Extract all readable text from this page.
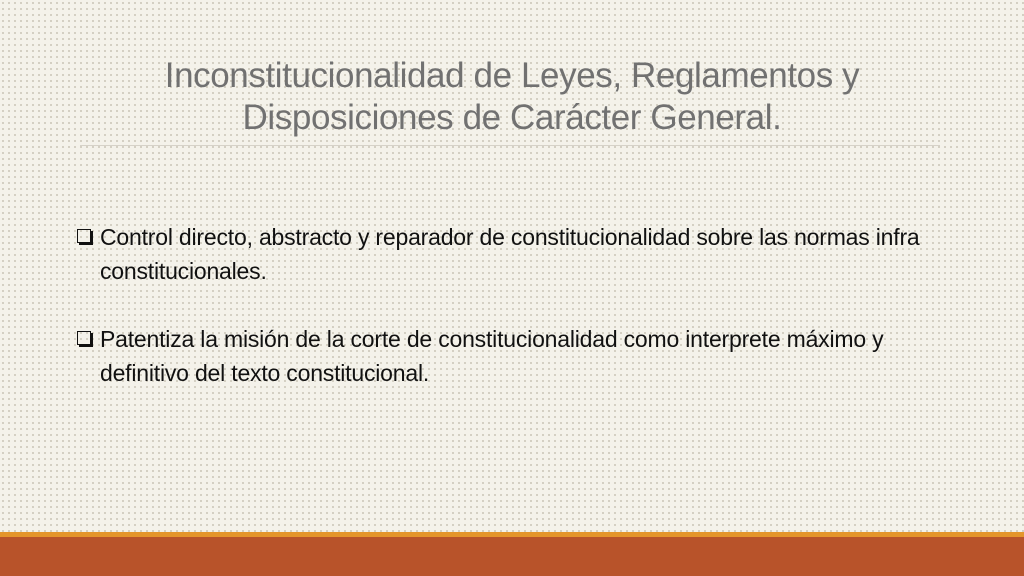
Inconstitucionalidad de Leyes, Reglamentos y Disposiciones de Carácter General.
Control directo, abstracto y reparador de constitucionalidad sobre las normas infra constitucionales.
Patentiza la misión de la corte de constitucionalidad como interprete máximo y definitivo del texto constitucional.
